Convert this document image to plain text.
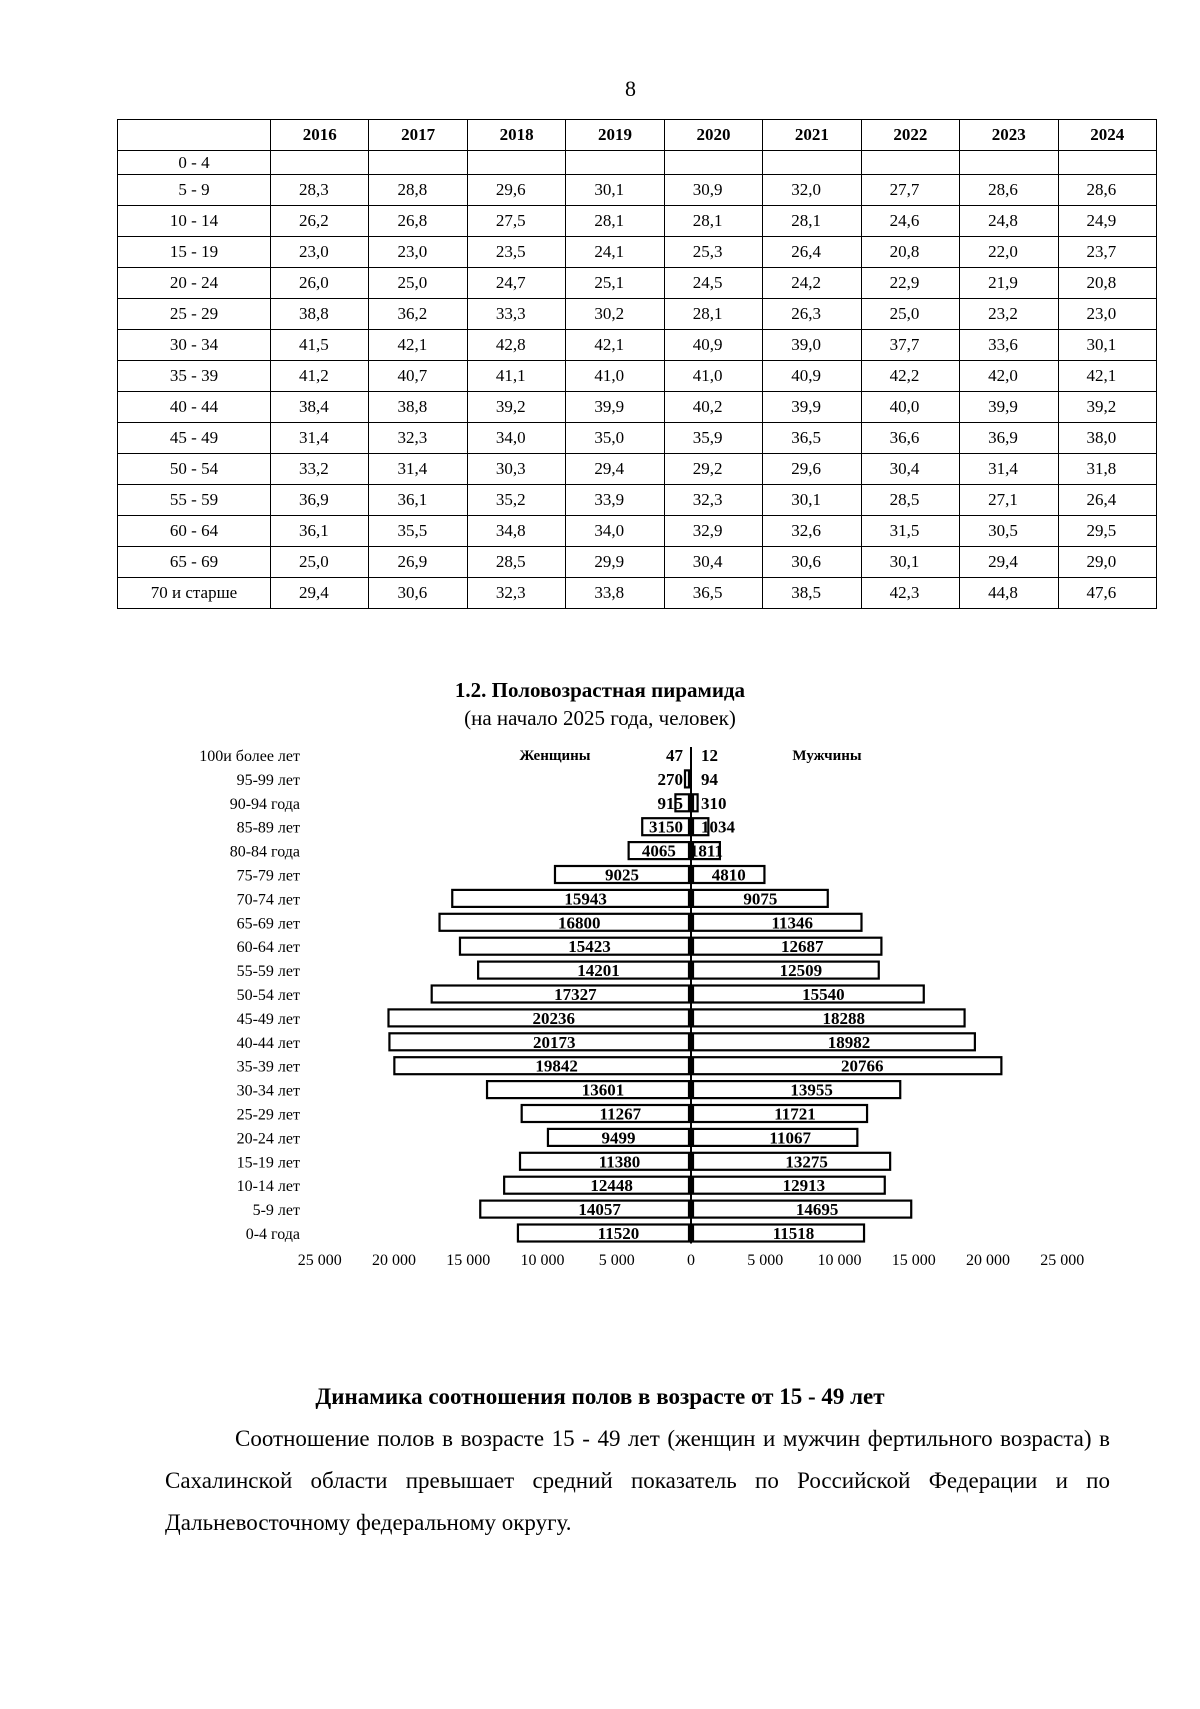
8
	2016	2017	2018	2019	2020	2021	2022	2023	2024
0 - 4									
5 - 9	28,3	28,8	29,6	30,1	30,9	32,0	27,7	28,6	28,6
10 - 14	26,2	26,8	27,5	28,1	28,1	28,1	24,6	24,8	24,9
15 - 19	23,0	23,0	23,5	24,1	25,3	26,4	20,8	22,0	23,7
20 - 24	26,0	25,0	24,7	25,1	24,5	24,2	22,9	21,9	20,8
25 - 29	38,8	36,2	33,3	30,2	28,1	26,3	25,0	23,2	23,0
30 - 34	41,5	42,1	42,8	42,1	40,9	39,0	37,7	33,6	30,1
35 - 39	41,2	40,7	41,1	41,0	41,0	40,9	42,2	42,0	42,1
40 - 44	38,4	38,8	39,2	39,9	40,2	39,9	40,0	39,9	39,2
45 - 49	31,4	32,3	34,0	35,0	35,9	36,5	36,6	36,9	38,0
50 - 54	33,2	31,4	30,3	29,4	29,2	29,6	30,4	31,4	31,8
55 - 59	36,9	36,1	35,2	33,9	32,3	30,1	28,5	27,1	26,4
60 - 64	36,1	35,5	34,8	34,0	32,9	32,6	31,5	30,5	29,5
65 - 69	25,0	26,9	28,5	29,9	30,4	30,6	30,1	29,4	29,0
70 и старше	29,4	30,6	32,3	33,8	36,5	38,5	42,3	44,8	47,6
1.2. Половозрастная пирамида
(на начало 2025 года, человек)
100и более лет	47 12
95-99 лет	270 94
90-94 года	915 310
85-89 лет	3150 1034
80-84 года	4065 1811
75-79 лет	9025	4810
70-74 лет	15943	9075
65-69 лет	16800	11346
60-64 лет	15423	12687
55-59 лет	14201	12509
50-54 лет	17327	15540
45-49 лет	20236	18288
40-44 лет	20173	18982
35-39 лет	19842	20766
30-34 лет	13601	13955
25-29 лет	11267	11721
20-24 лет	9499	11067
15-19 лет	11380	13275
10-14 лет	12448	12913
5-9 лет	14057	14695
0-4 года	11520	11518
Женщины	Мужчины
25 000 20 000 15 000 10 000 5 000	0	5 000 10 000 15 000 20 000 25 000
Динамика соотношения полов в возрасте от 15 - 49 лет
Соотношение полов в возрасте 15 - 49 лет (женщин и мужчин фертильного возраста) в Сахалинской области превышает средний показатель по Российской Федерации и по Дальневосточному федеральному округу.
